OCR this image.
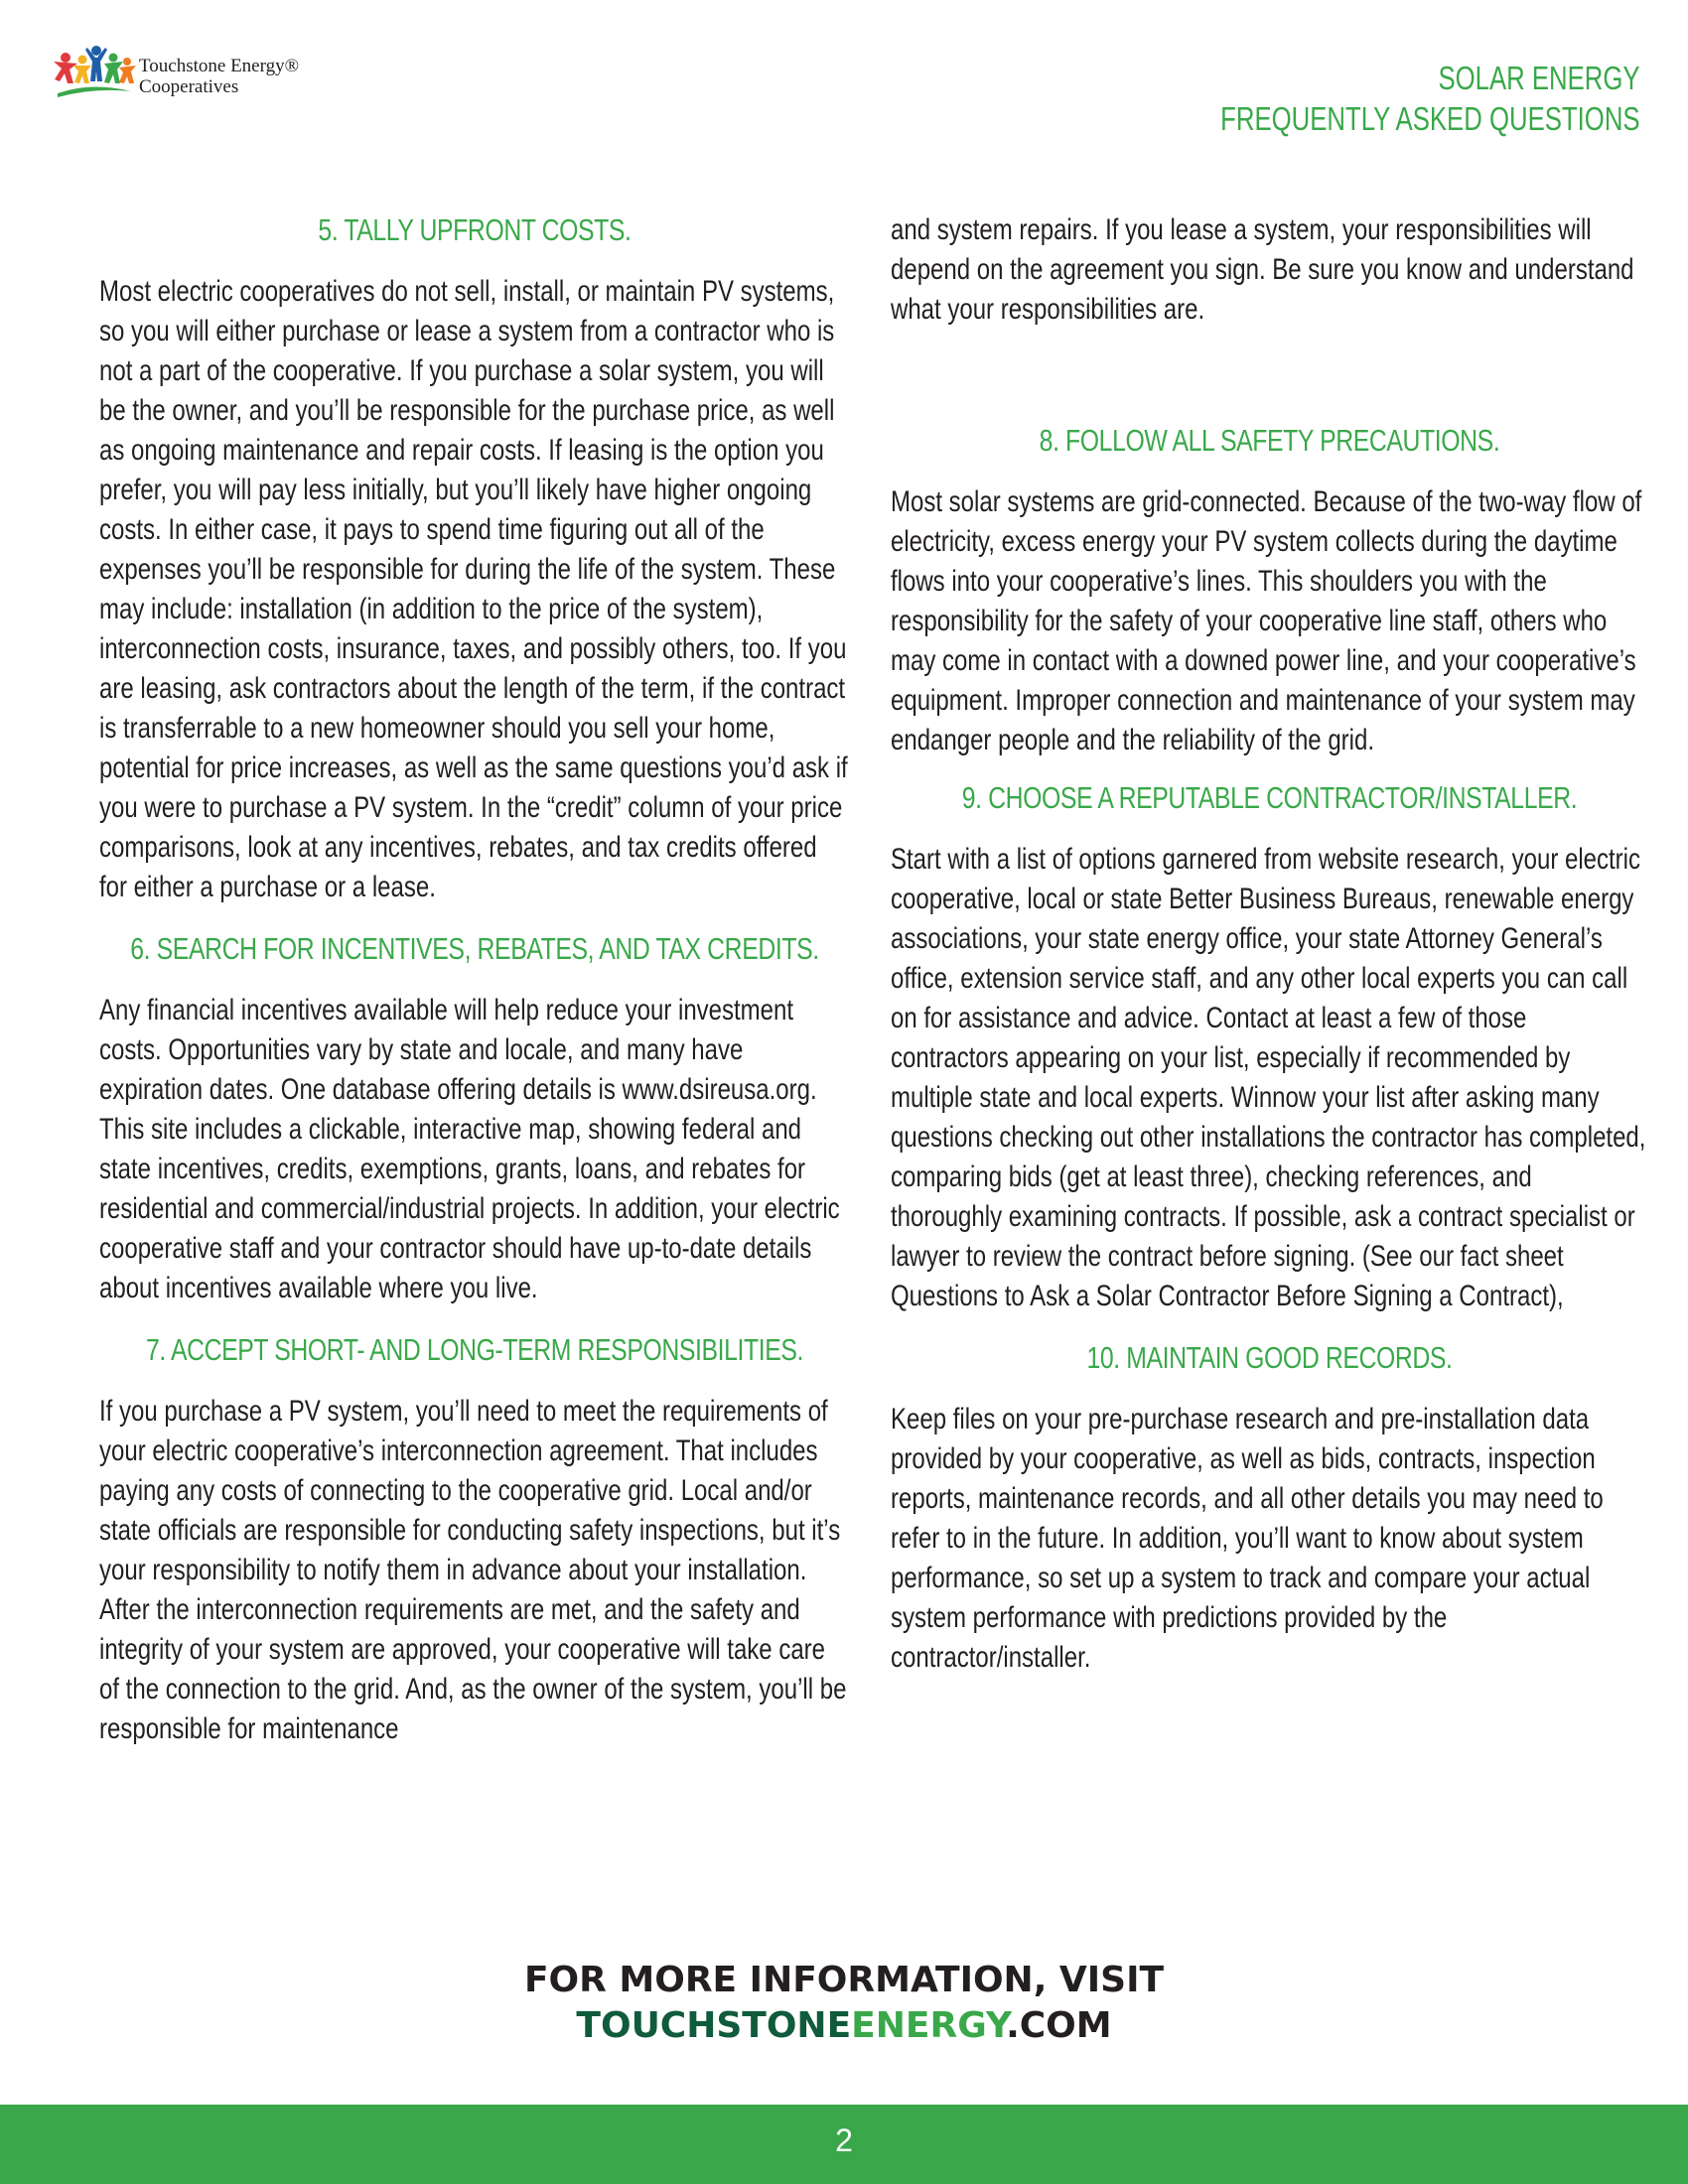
Touchstone Energy®
Cooperatives	SOLAR ENERGY
FREQUENTLY ASKED QUESTIONS
5. TALLY UPFRONT COSTS.

Most electric cooperatives do not sell, install, or maintain PV systems, so you will either purchase or lease a system from a contractor who is not a part of the cooperative. If you purchase a solar system, you will be the owner, and you’ll be responsible for the purchase price, as well as ongoing maintenance and repair costs. If leasing is the option you prefer, you will pay less initially, but you’ll likely have higher ongoing costs. In either case, it pays to spend time figuring out all of the expenses you’ll be responsible for during the life of the system. These may include: installation (in addition to the price of the system), interconnection costs, insurance, taxes, and possibly others, too. If you are leasing, ask contractors about the length of the term, if the contract is transferrable to a new homeowner should you sell your home, potential for price increases, as well as the same questions you’d ask if you were to purchase a PV system. In the “credit” column of your price comparisons, look at any incentives, rebates, and tax credits offered for either a purchase or a lease.

6. SEARCH FOR INCENTIVES, REBATES, AND TAX CREDITS.

Any financial incentives available will help reduce your investment costs. Opportunities vary by state and locale, and many have expiration dates. One database offering details is www.dsireusa.org. This site includes a clickable, interactive map, showing federal and state incentives, credits, exemptions, grants, loans, and rebates for residential and commercial/industrial projects. In addition, your electric cooperative staff and your contractor should have up-to-date details about incentives available where you live.

7. ACCEPT SHORT- AND LONG-TERM RESPONSIBILITIES.

If you purchase a PV system, you’ll need to meet the requirements of your electric cooperative’s interconnection agreement. That includes paying any costs of connecting to the cooperative grid. Local and/or state officials are responsible for conducting safety inspections, but it’s your responsibility to notify them in advance about your installation. After the interconnection requirements are met, and the safety and integrity of your system are approved, your cooperative will take care of the connection to the grid. And, as the owner of the system, you’ll be responsible for maintenance

and system repairs. If you lease a system, your responsibilities will depend on the agreement you sign. Be sure you know and understand what your responsibilities are.

8. FOLLOW ALL SAFETY PRECAUTIONS.

Most solar systems are grid-connected. Because of the two-way flow of electricity, excess energy your PV system collects during the daytime flows into your cooperative’s lines. This shoulders you with the responsibility for the safety of your cooperative line staff, others who may come in contact with a downed power line, and your cooperative’s equipment. Improper connection and maintenance of your system may endanger people and the reliability of the grid.

9. CHOOSE A REPUTABLE CONTRACTOR/INSTALLER.

Start with a list of options garnered from website research, your electric cooperative, local or state Better Business Bureaus, renewable energy associations, your state energy office, your state Attorney General’s office, extension service staff, and any other local experts you can call on for assistance and advice. Contact at least a few of those contractors appearing on your list, especially if recommended by multiple state and local experts. Winnow your list after asking many questions checking out other installations the contractor has completed, comparing bids (get at least three), checking references, and thoroughly examining contracts. If possible, ask a contract specialist or lawyer to review the contract before signing. (See our fact sheet Questions to Ask a Solar Contractor Before Signing a Contract),

10. MAINTAIN GOOD RECORDS.

Keep files on your pre-purchase research and pre-installation data provided by your cooperative, as well as bids, contracts, inspection reports, maintenance records, and all other details you may need to refer to in the future. In addition, you’ll want to know about system performance, so set up a system to track and compare your actual system performance with predictions provided by the contractor/installer.

FOR MORE INFORMATION, VISIT
TOUCHSTONEENERGY.COM
2
